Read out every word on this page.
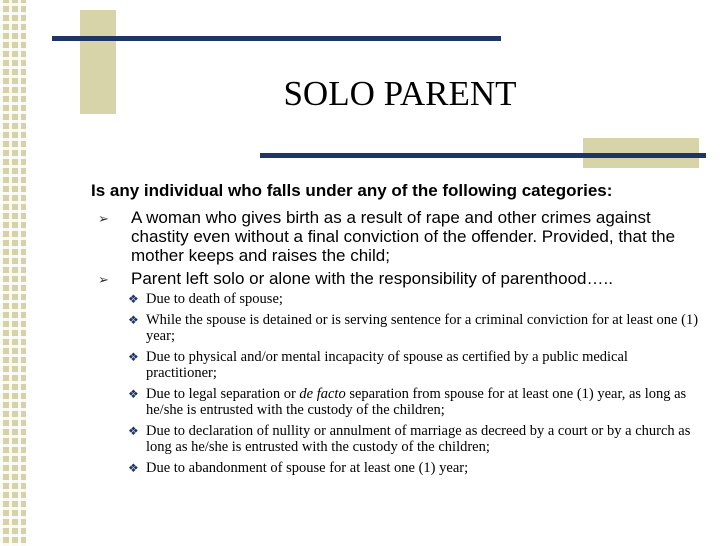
SOLO PARENT
Is any individual who falls under any of the following categories:
➢ A woman who gives birth as a result of rape and other crimes against chastity even without a final conviction of the offender. Provided, that the mother keeps and raises the child;
➢ Parent left solo or alone with the responsibility of parenthood…..
❖ Due to death of spouse;
❖ While the spouse is detained or is serving sentence for a criminal conviction for at least one (1) year;
❖ Due to physical and/or mental incapacity of spouse as certified by a public medical practitioner;
❖ Due to legal separation or de facto separation from spouse for at least one (1) year, as long as he/she is entrusted with the custody of the children;
❖ Due to declaration of nullity or annulment of marriage as decreed by a court or by a church as long as he/she is entrusted with the custody of the children;
❖ Due to abandonment of spouse for at least one (1) year;
